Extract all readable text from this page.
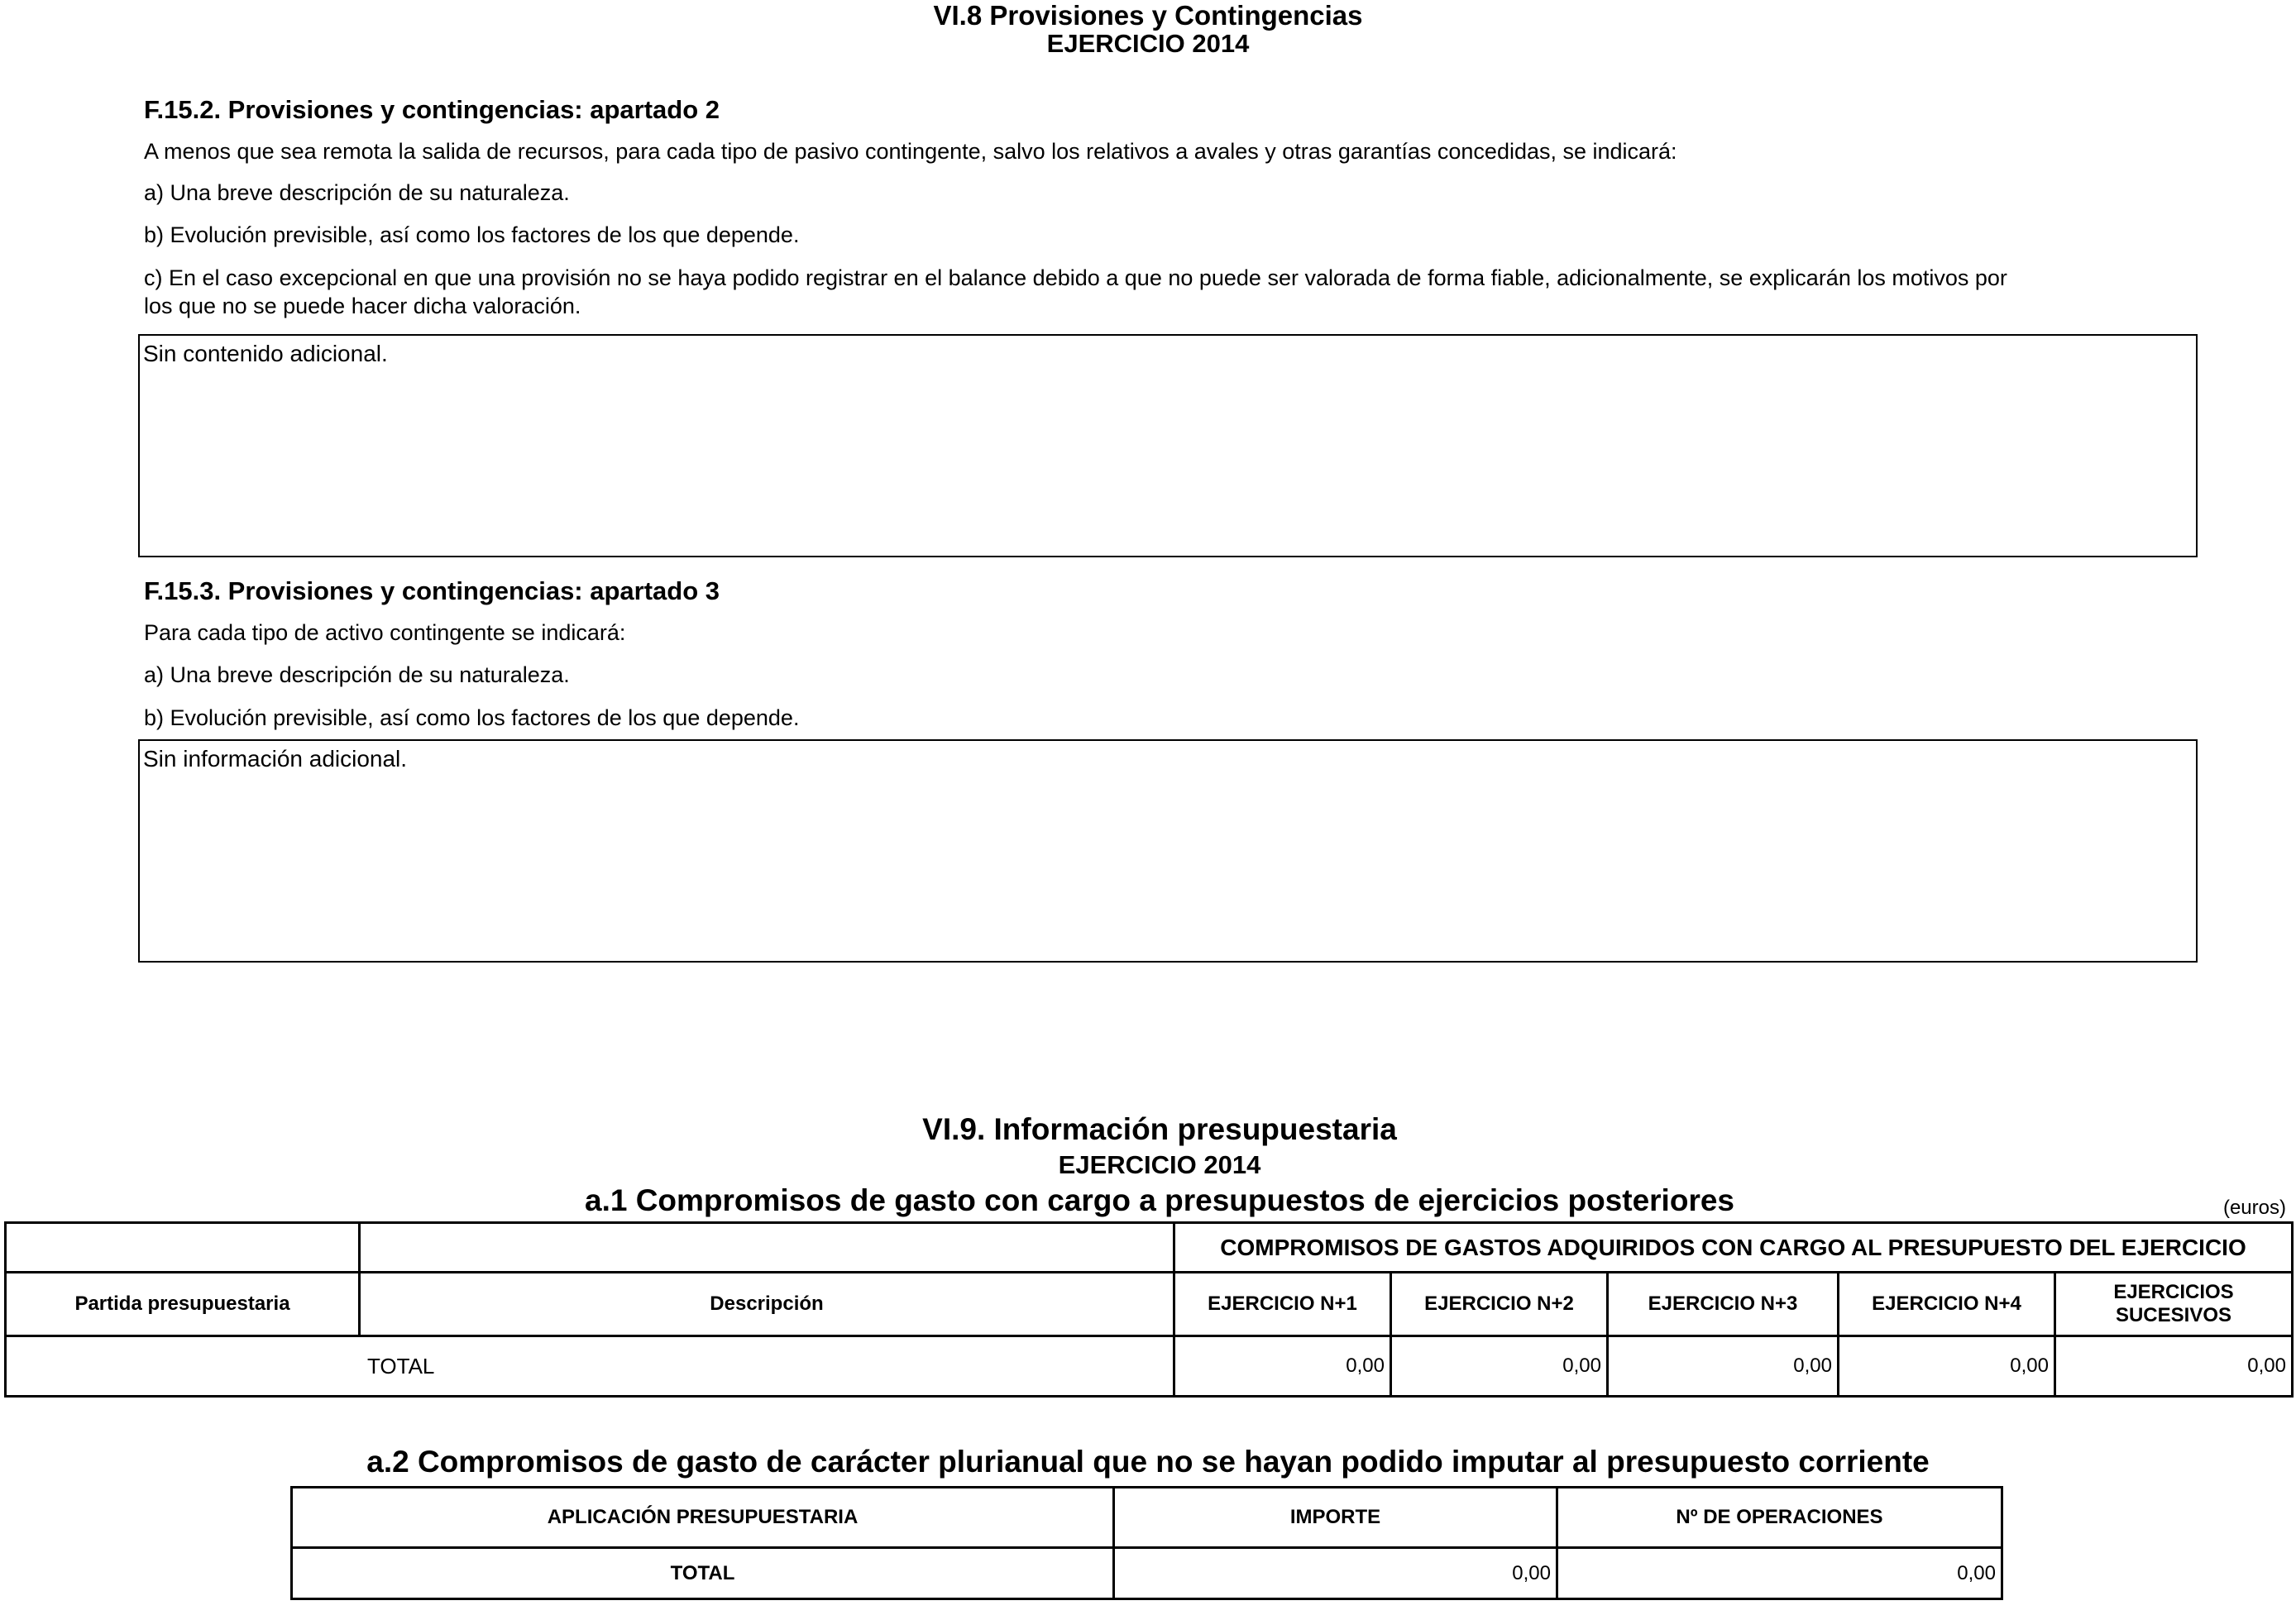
VI.8 Provisiones y Contingencias
EJERCICIO 2014
F.15.2. Provisiones y contingencias: apartado 2
A menos que sea remota la salida de recursos, para cada tipo de pasivo contingente, salvo los relativos a avales y otras garantías concedidas, se indicará:
a) Una breve descripción de su naturaleza.
b) Evolución previsible, así como los factores de los que depende.
c) En el caso excepcional en que una provisión no se haya podido registrar en el balance debido a que no puede ser valorada de forma fiable, adicionalmente, se explicarán los motivos por
los que no se puede hacer dicha valoración.
Sin contenido adicional.
F.15.3. Provisiones y contingencias: apartado 3
Para cada tipo de activo contingente se indicará:
a) Una breve descripción de su naturaleza.
b) Evolución previsible, así como los factores de los que depende.
Sin información adicional.
VI.9. Información presupuestaria
EJERCICIO 2014
a.1 Compromisos de gasto con cargo a presupuestos de ejercicios posteriores	(euros)
		COMPROMISOS DE GASTOS ADQUIRIDOS CON CARGO AL PRESUPUESTO DEL EJERCICIO				
Partida presupuestaria	Descripción	EJERCICIO N+1	EJERCICIO N+2	EJERCICIO N+3	EJERCICIO N+4	EJERCICIOS
SUCESIVOS

TOTAL		0,00	0,00	0,00	0,00	0,00
a.2 Compromisos de gasto de carácter plurianual que no se hayan podido imputar al presupuesto corriente
APLICACIÓN PRESUPUESTARIA	IMPORTE	Nº DE OPERACIONES
TOTAL	0,00	0,00
